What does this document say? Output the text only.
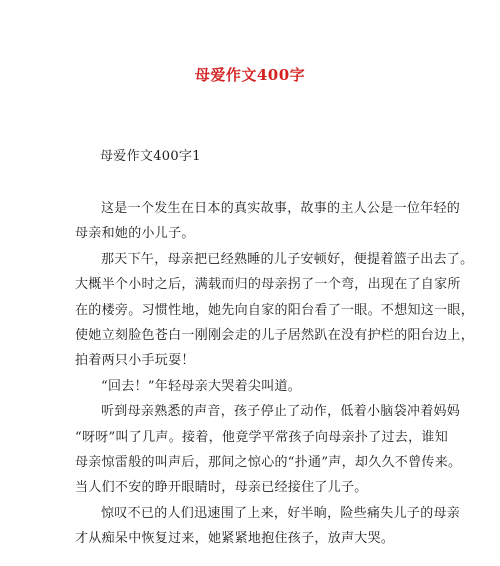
母爱作文400字
母爱作文400字1
这是一个发生在日本的真实故事，故事的主人公是一位年轻的
母亲和她的小儿子。
那天下午，母亲把已经熟睡的儿子安顿好，便提着篮子出去了。
大概半个小时之后，满载而归的母亲拐了一个弯，出现在了自家所
在的楼旁。习惯性地，她先向自家的阳台看了一眼。不想知这一眼，
使她立刻脸色苍白一刚刚会走的儿子居然趴在没有护栏的阳台边上，
拍着两只小手玩耍！
“回去！”年轻母亲大哭着尖叫道。
听到母亲熟悉的声音，孩子停止了动作，低着小脑袋冲着妈妈
“呀呀”叫了几声。接着，他竟学平常孩子向母亲扑了过去，谁知
母亲惊雷般的叫声后，那间之惊心的“扑通”声，却久久不曾传来。
当人们不安的睁开眼睛时，母亲已经接住了儿子。
惊叹不已的人们迅速围了上来，好半晌，险些痛失儿子的母亲
才从痴呆中恢复过来，她紧紧地抱住孩子，放声大哭。
